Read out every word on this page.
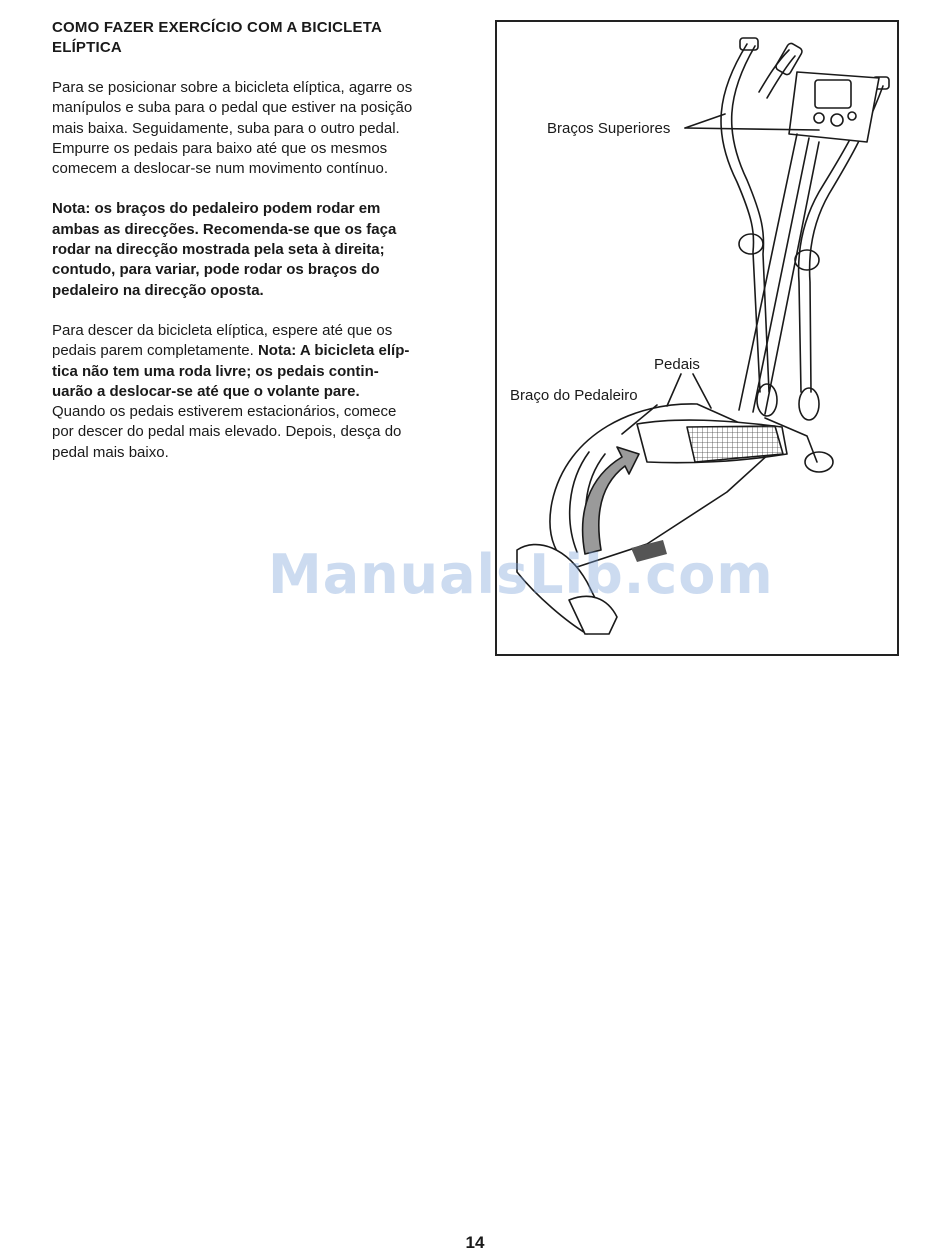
COMO FAZER EXERCÍCIO COM A BICICLETA
ELÍPTICA
Para se posicionar sobre a bicicleta elíptica, agarre os
manípulos e suba para o pedal que estiver na posição
mais baixa. Seguidamente, suba para o outro pedal.
Empurre os pedais para baixo até que os mesmos
comecem a deslocar-se num movimento contínuo.
Nota: os braços do pedaleiro podem rodar em
ambas as direcções. Recomenda-se que os faça
rodar na direcção mostrada pela seta à direita;
contudo, para variar, pode rodar os braços do
pedaleiro na direcção oposta.
Para descer da bicicleta elíptica, espere até que os
pedais parem completamente. Nota: A bicicleta elíp-
tica não tem uma roda livre; os pedais contin-
uarão a deslocar-se até que o volante pare.
Quando os pedais estiverem estacionários, comece
por descer do pedal mais elevado. Depois, desça do
pedal mais baixo.
Braços Superiores
Pedais
Braço do Pedaleiro
ManualsLib.com
14
